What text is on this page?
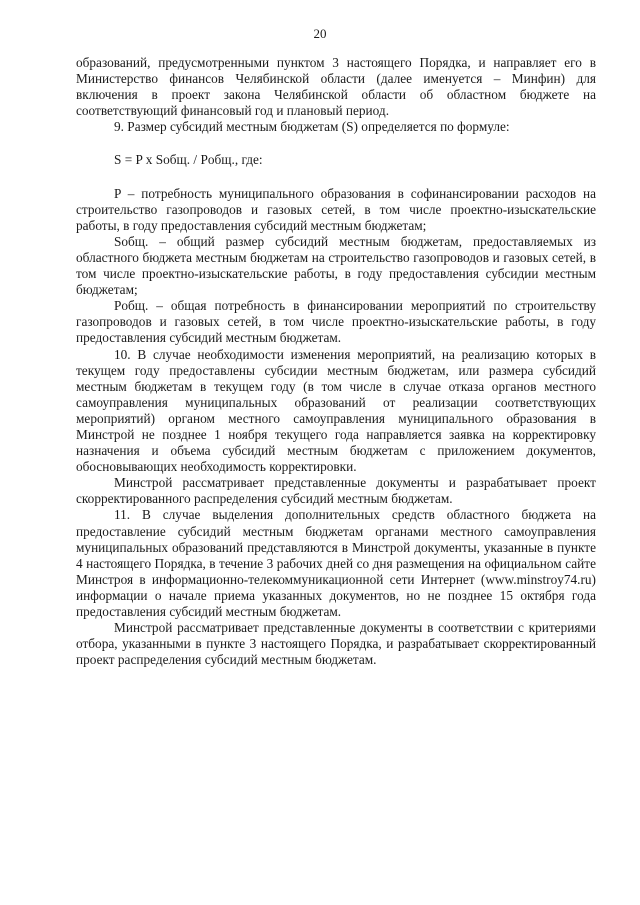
20

образований, предусмотренными пунктом 3 настоящего Порядка, и направляет его в Министерство финансов Челябинской области (далее именуется – Минфин) для включения в проект закона Челябинской области об областном бюджете на соответствующий финансовый год и плановый период.

9. Размер субсидий местным бюджетам (S) определяется по формуле:

S = P x Sобщ. / Pобщ., где:

P – потребность муниципального образования в софинансировании расходов на строительство газопроводов и газовых сетей, в том числе проектно-изыскательские работы, в году предоставления субсидий местным бюджетам;

Sобщ. – общий размер субсидий местным бюджетам, предоставляемых из областного бюджета местным бюджетам на строительство газопроводов и газовых сетей, в том числе проектно-изыскательские работы, в году предоставления субсидии местным бюджетам;

Pобщ. – общая потребность в финансировании мероприятий по строительству газопроводов и газовых сетей, в том числе проектно-изыскательские работы, в году предоставления субсидий местным бюджетам.

10. В случае необходимости изменения мероприятий, на реализацию которых в текущем году предоставлены субсидии местным бюджетам, или размера субсидий местным бюджетам в текущем году (в том числе в случае отказа органов местного самоуправления муниципальных образований от реализации соответствующих мероприятий) органом местного самоуправления муниципального образования в Минстрой не позднее 1 ноября текущего года направляется заявка на корректировку назначения и объема субсидий местным бюджетам с приложением документов, обосновывающих необходимость корректировки.

Минстрой рассматривает представленные документы и разрабатывает проект скорректированного распределения субсидий местным бюджетам.

11. В случае выделения дополнительных средств областного бюджета на предоставление субсидий местным бюджетам органами местного самоуправления муниципальных образований представляются в Минстрой документы, указанные в пункте 4 настоящего Порядка, в течение 3 рабочих дней со дня размещения на официальном сайте Минстроя в информационно-телекоммуникационной сети Интернет (www.minstroy74.ru) информации о начале приема указанных документов, но не позднее 15 октября года предоставления субсидий местным бюджетам.

Минстрой рассматривает представленные документы в соответствии с критериями отбора, указанными в пункте 3 настоящего Порядка, и разрабатывает скорректированный проект распределения субсидий местным бюджетам.
